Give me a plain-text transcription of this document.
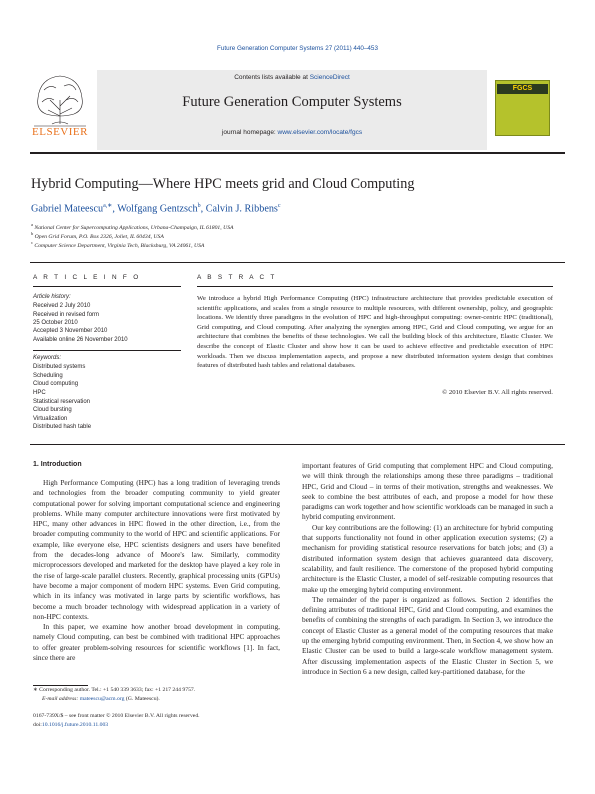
Future Generation Computer Systems 27 (2011) 440–453
ELSEVIER
Contents lists available at ScienceDirect
Future Generation Computer Systems
journal homepage: www.elsevier.com/locate/fgcs
FGCS
Hybrid Computing—Where HPC meets grid and Cloud Computing
Gabriel Mateescu$^{a,∗}$, Wolfgang Gentzsch$^b$, Calvin J. Ribbens$^c$
$^a$ National Center for Supercomputing Applications, Urbana-Champaign, IL 61801, USA
$^b$ Open Grid Forum, P.O. Box 2326, Joliet, IL 60434, USA
$^c$ Computer Science Department, Virginia Tech, Blacksburg, VA 24061, USA
A R T I C L E I N F O	A B S T R A C T
Article history:
Received 2 July 2010
Received in revised form
25 October 2010
Accepted 3 November 2010
Available online 26 November 2010
Keywords:
Distributed systems
Scheduling
Cloud computing
HPC
Statistical reservation
Cloud bursting
Virtualization
Distributed hash table
We introduce a hybrid High Performance Computing (HPC) infrastructure architecture that provides predictable execution of scientific applications, and scales from a single resource to multiple resources, with different ownership, policy, and geographic locations. We identify three paradigms in the evolution of HPC and high-throughput computing: owner-centric HPC (traditional), Grid computing, and Cloud computing. After analyzing the synergies among HPC, Grid and Cloud computing, we argue for an architecture that combines the benefits of these technologies. We call the building block of this architecture, Elastic Cluster. We describe the concept of Elastic Cluster and show how it can be used to achieve effective and predictable execution of HPC workloads. Then we discuss implementation aspects, and propose a new distributed information system design that combines features of distributed hash tables and relational databases.
© 2010 Elsevier B.V. All rights reserved.
1. Introduction

High Performance Computing (HPC) has a long tradition of leveraging trends and technologies from the broader computing community to yield greater computational power for solving important computational science and engineering problems. While many computer architecture innovations were first motivated by HPC, many other advances in HPC flowed in the other direction, i.e., from the broader computing community to the world of HPC and scientific applications. For example, like everyone else, HPC scientists designers and users have benefited from the decades-long advance of Moore's law. Similarly, commodity microprocessors developed and marketed for the desktop have played a key role in the rise of large-scale parallel clusters. Recently, graphical processing units (GPUs) have become a major component of modern HPC systems. Even Grid computing, which in its infancy was motivated in large parts by scientific workflows, has become a much broader technology with widespread application in a variety of non-HPC contexts.

In this paper, we examine how another broad development in computing, namely Cloud computing, can best be combined with traditional HPC approaches to offer greater problem-solving resources for scientific workflows [1]. In fact, since there are

important features of Grid computing that complement HPC and Cloud computing, we will think through the relationships among these three paradigms – traditional HPC, Grid and Cloud – in terms of their motivation, strengths and weaknesses. We seek to combine the best attributes of each, and propose a model for how these paradigms can work together and how scientific workloads can be managed in such a hybrid computing environment.

Our key contributions are the following: (1) an architecture for hybrid computing that supports functionality not found in other application execution systems; (2) a mechanism for providing statistical resource reservations for batch jobs; and (3) a distributed information system design that achieves guaranteed data discovery, scalability, and fault resilience. The cornerstone of the proposed hybrid computing architecture is the Elastic Cluster, a model of self-resizable computing resources that make up the emerging hybrid computing environment.

The remainder of the paper is organized as follows. Section 2 identifies the defining attributes of traditional HPC, Grid and Cloud computing, and examines the benefits of combining the strengths of each paradigm. In Section 3, we introduce the concept of Elastic Cluster as a general model of the computing resources that make up the emerging hybrid computing environment. Then, in Section 4, we show how an Elastic Cluster can be used to build a large-scale workflow management system. After discussing implementation aspects of the Elastic Cluster in Section 5, we introduce in Section 6 a new design, called key-partitioned database, for the

∗ Corresponding author. Tel.: +1 540 339 3633; fax: +1 217 244 9757.
E-mail address: mateescu@acm.org (G. Mateescu).
0167-739X/$ – see front matter © 2010 Elsevier B.V. All rights reserved.
doi:10.1016/j.future.2010.11.003
